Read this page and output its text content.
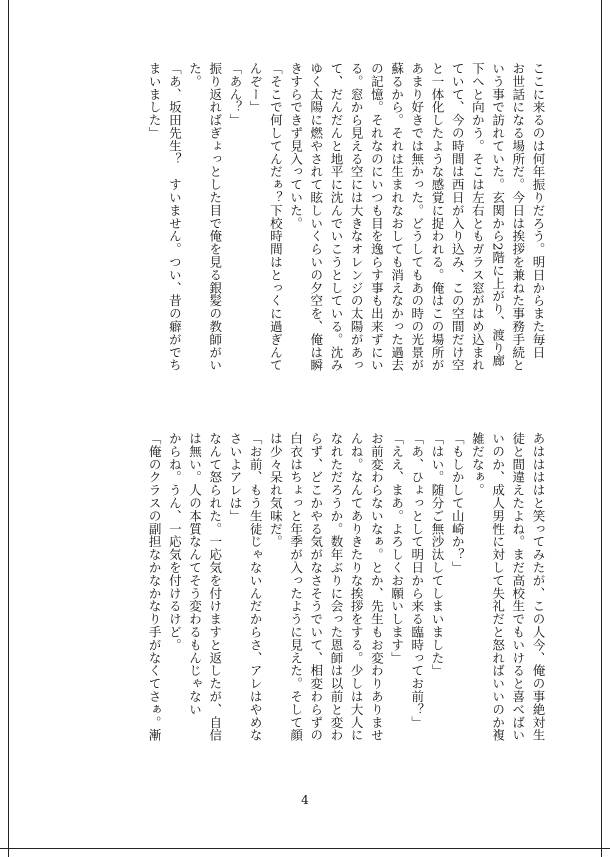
ここに来るのは何年振りだろう。明日からまた毎日
お世話になる場所だ。今日は挨拶を兼ねた事務手続と
いう事で訪れていた。玄関から2階に上がり、渡り廊
下へと向かう。そこは左右ともガラス窓がはめ込まれ
ていて、今の時間は西日が入り込み、この空間だけ空
と一体化したような感覚に捉われる。俺はこの場所が
あまり好きでは無かった。どうしてもあの時の光景が
蘇るから。それは生まれなおしても消えなかった過去
の記憶。それなのにいつも目を逸らす事も出来ずにい
る。窓から見える空には大きなオレンジの太陽があっ
て、だんだんと地平に沈んでいこうとしている。沈み
ゆく太陽に燃やされて眩しいくらいの夕空を、俺は瞬
きすらできず見入っていた。
「そこで何してんだぁ？下校時間はとっくに過ぎんて
んぞー」
「あん？」
振り返ればぎょっとした目で俺を見る銀髪の教師がい
た。
「あ、坂田先生？　すいません。つい、昔の癖がでち
まいました」
あははははと笑ってみたが、この人今、俺の事絶対生
徒と間違えたよね。まだ高校生でもいけると喜べばい
いのか、成人男性に対して失礼だと怒ればいいのか複
雑だなぁ。
「もしかして山崎か？」
「はい。随分ご無沙汰してしまいました」
「あ、ひょっとして明日から来る臨時ってお前？」
「ええ、まあ。よろしくお願いします」
お前変わらないなぁ。とか、先生もお変わりありませ
んね。なんてありきたりな挨拶をする。少しは大人に
なれただろうか。数年ぶりに会った恩師は以前と変わ
らず、どこかやる気がなさそうでいて、相変わらずの
白衣はちょっと年季が入ったように見えた。そして顔
は少々呆れ気味だ。
「お前、もう生徒じゃないんだからさ、アレはやめな
さいよアレは」
なんて怒られた。一応気を付けますと返したが、自信
は無い。人の本質なんてそう変わるもんじゃない
からね。うん、一応気を付けるけど。
「俺のクラスの副担なかなかなり手がなくてさぁ。漸
4
